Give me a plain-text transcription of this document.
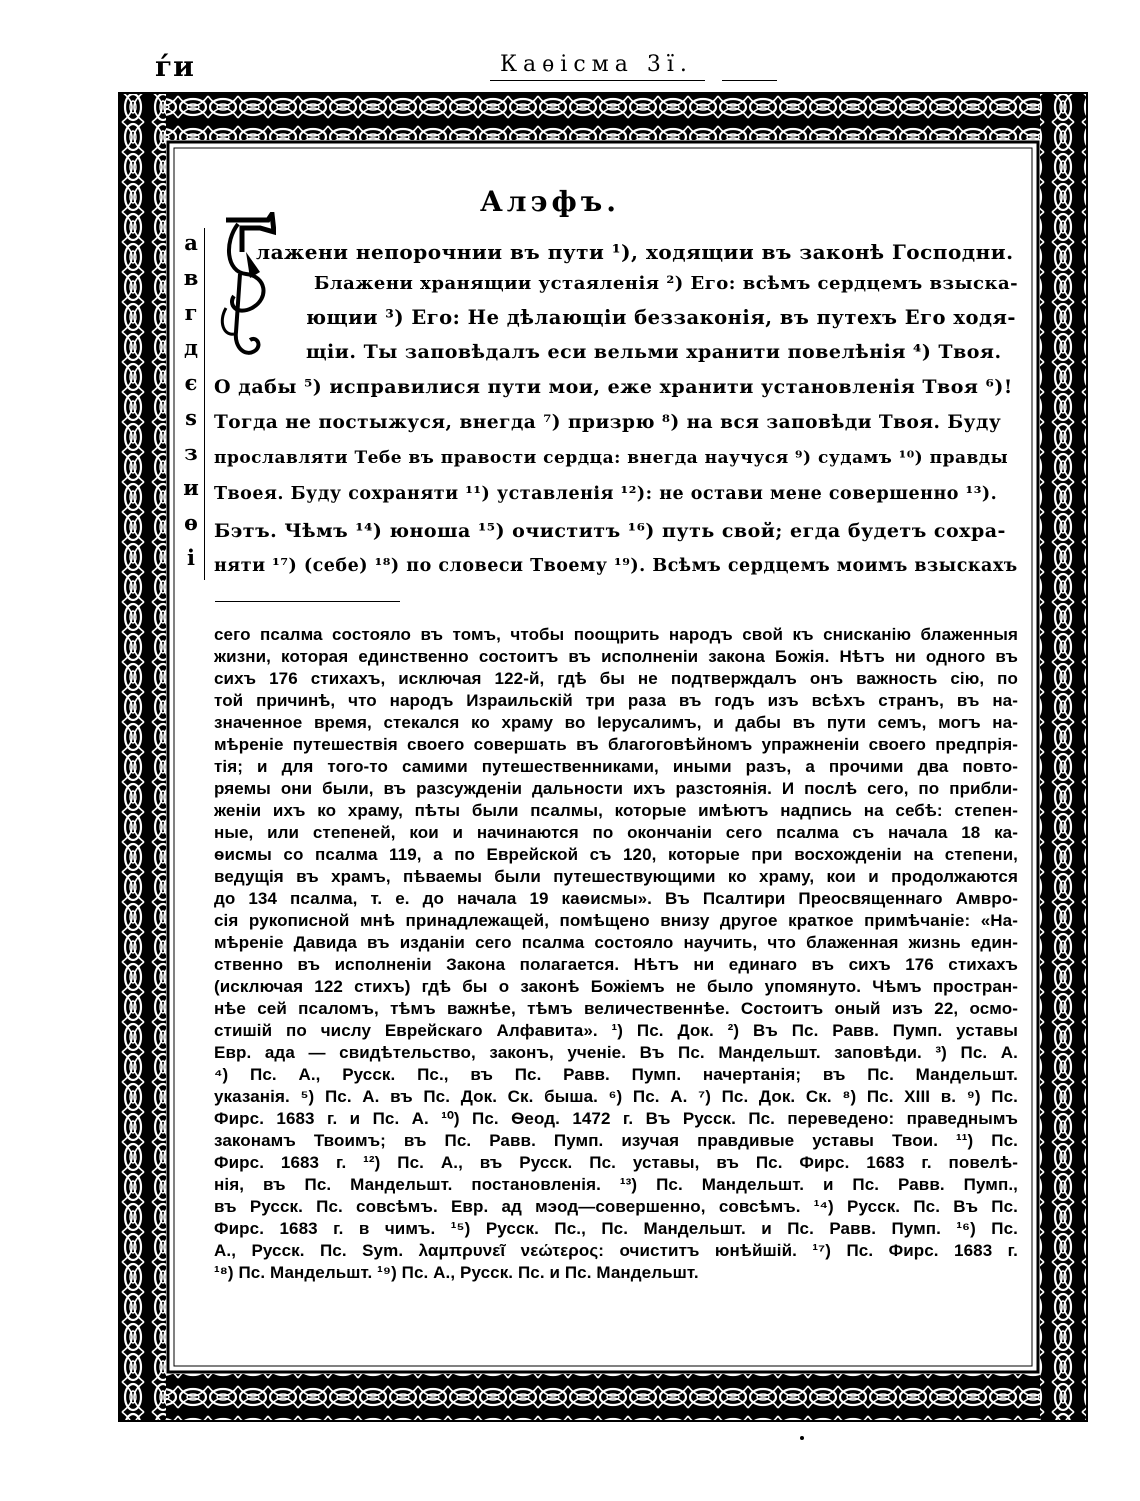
ѓи	Каѳісма 3ї.
Алэфъ.
а
в
г
д
є
ѕ
з
и
ѳ
і
лажени непорочнии въ пути ¹), ходящии въ законѣ Господни.
Блажени хранящии устаяленія ²) Его: всѣмъ сердцемъ взыска-
ющии ³) Его: Не дѣлающіи беззаконія, въ путехъ Его ходя-
щіи. Ты заповѣдалъ еси вельми хранити повелѣнія ⁴) Твоя.
О дабы ⁵) исправилися пути мои, еже хранити установленія Твоя ⁶)!
Тогда не постыжуся, внегда ⁷) призрю ⁸) на вся заповѣди Твоя. Буду
прославляти Тебе въ правости сердца: внегда научуся ⁹) судамъ ¹⁰) правды
Твоея. Буду сохраняти ¹¹) уставленія ¹²): не остави мене совершенно ¹³).
Бэтъ. Чѣмъ ¹⁴) юноша ¹⁵) очиститъ ¹⁶) путь свой; егда будетъ сохра-
няти ¹⁷) (себе) ¹⁸) по словеси Твоему ¹⁹). Всѣмъ сердцемъ моимъ взыскахъ
сего псалма состояло въ томъ, чтобы поощрить народъ свой къ снисканію блаженныя
жизни, которая единственно состоитъ въ исполненіи закона Божія. Нѣтъ ни одного въ
сихъ 176 стихахъ, исключая 122-й, гдѣ бы не подтверждалъ онъ важность сію, по
той причинѣ, что народъ Израильскій три раза въ годъ изъ всѣхъ странъ, въ на-
значенное время, стекался ко храму во Іерусалимъ, и дабы въ пути семъ, могъ на-
мѣреніе путешествія своего совершать въ благоговѣйномъ упражненіи своего предпрія-
тія; и для того-то самими путешественниками, иными разъ, а прочими два повто-
ряемы они были, въ разсужденіи дальности ихъ разстоянія. И послѣ сего, по прибли-
женіи ихъ ко храму, пѣты были псалмы, которые имѣютъ надпись на себѣ: степен-
ные, или степеней, кои и начинаются по окончаніи сего псалма съ начала 18 ка-
ѳисмы со псалма 119, а по Еврейской съ 120, которые при восхожденіи на степени,
ведущія въ храмъ, пѣваемы были путешествующими ко храму, кои и продолжаются
до 134 псалма, т. е. до начала 19 каѳисмы». Въ Псалтири Преосвященнаго Амвро-
сія рукописной мнѣ принадлежащей, помѣщено внизу другое краткое примѣчаніе: «На-
мѣреніе Давида въ изданіи сего псалма состояло научить, что блаженная жизнь един-
ственно въ исполненіи Закона полагается. Нѣтъ ни единаго въ сихъ 176 стихахъ
(исключая 122 стихъ) гдѣ бы о законѣ Божіемъ не было упомянуто. Чѣмъ простран-
нѣе сей псаломъ, тѣмъ важнѣе, тѣмъ величественнѣе. Состоитъ оный изъ 22, осмо-
стишій по числу Еврейскаго Алфавита». ¹) Пс. Док. ²) Въ Пс. Равв. Пумп. уставы
Евр. ада — свидѣтельство, законъ, ученіе. Въ Пс. Мандельшт. заповѣди. ³) Пс. А.
⁴) Пс. А., Русск. Пс., въ Пс. Равв. Пумп. начертанія; въ Пс. Мандельшт.
указанія. ⁵) Пс. А. въ Пс. Док. Ск. бышa. ⁶) Пс. А. ⁷) Пс. Док. Ск. ⁸) Пс. XIII в. ⁹) Пс.
Фирс. 1683 г. и Пс. А. ¹⁰) Пс. Ѳеод. 1472 г. Въ Русск. Пс. переведено: праведнымъ
законамъ Твоимъ; въ Пс. Равв. Пумп. изучая правдивые уставы Твои. ¹¹) Пс.
Фирс. 1683 г. ¹²) Пс. А., въ Русск. Пс. уставы, въ Пс. Фирс. 1683 г. повелѣ-
нія, въ Пс. Мандельшт. постановленія. ¹³) Пс. Мандельшт. и Пс. Равв. Пумп.,
въ Русск. Пс. совсѣмъ. Евр. ад мэод—совершенно, совсѣмъ. ¹⁴) Русск. Пс. Въ Пс.
Фирс. 1683 г. в чимъ. ¹⁵) Русск. Пс., Пс. Мандельшт. и Пс. Равв. Пумп. ¹⁶) Пс.
А., Русск. Пс. Sym. λαμπρυνεῖ νεώτερος: очиститъ юнѣйшій. ¹⁷) Пс. Фирс. 1683 г.
¹⁸) Пс. Мандельшт. ¹⁹) Пс. А., Русск. Пс. и Пс. Мандельшт.
